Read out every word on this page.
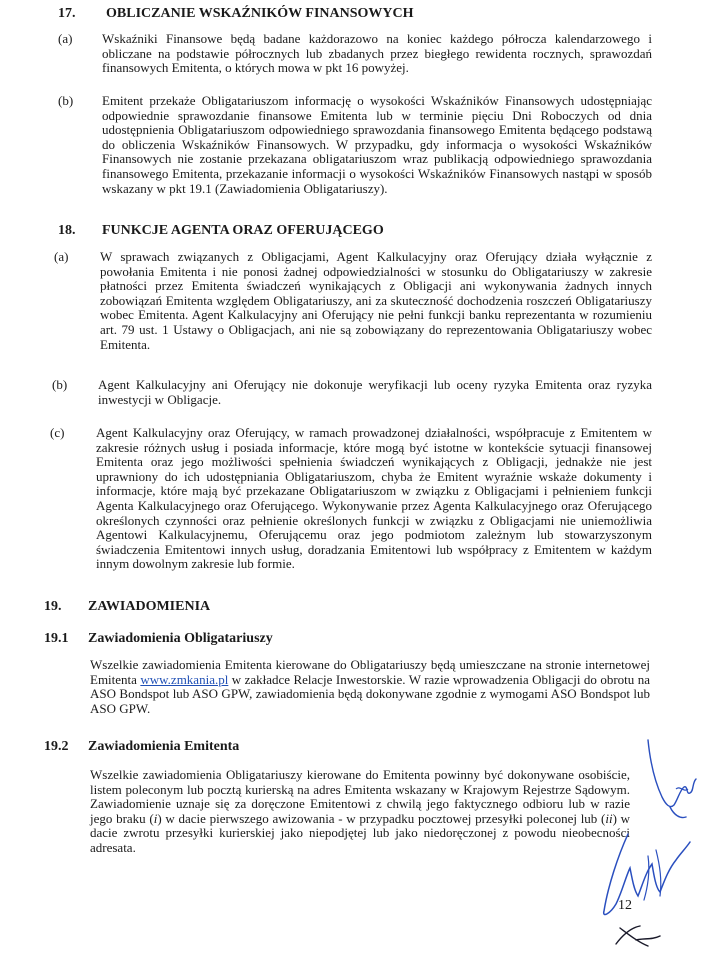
17. OBLICZANIE WSKAŹNIKÓW FINANSOWYCH
(a) Wskaźniki Finansowe będą badane każdorazowo na koniec każdego półrocza kalendarzowego i obliczane na podstawie półrocznych lub zbadanych przez biegłego rewidenta rocznych, sprawozdań finansowych Emitenta, o których mowa w pkt 16 powyżej.
(b) Emitent przekaże Obligatariuszom informację o wysokości Wskaźników Finansowych udostępniając odpowiednie sprawozdanie finansowe Emitenta lub w terminie pięciu Dni Roboczych od dnia udostępnienia Obligatariuszom odpowiedniego sprawozdania finansowego Emitenta będącego podstawą do obliczenia Wskaźników Finansowych. W przypadku, gdy informacja o wysokości Wskaźników Finansowych nie zostanie przekazana obligatariuszom wraz publikacją odpowiedniego sprawozdania finansowego Emitenta, przekazanie informacji o wysokości Wskaźników Finansowych nastąpi w sposób wskazany w pkt 19.1 (Zawiadomienia Obligatariuszy).
18. FUNKCJE AGENTA ORAZ OFERUJĄCEGO
(a) W sprawach związanych z Obligacjami, Agent Kalkulacyjny oraz Oferujący działa wyłącznie z powołania Emitenta i nie ponosi żadnej odpowiedzialności w stosunku do Obligatariuszy w zakresie płatności przez Emitenta świadczeń wynikających z Obligacji ani wykonywania żadnych innych zobowiązań Emitenta względem Obligatariuszy, ani za skuteczność dochodzenia roszczeń Obligatariuszy wobec Emitenta. Agent Kalkulacyjny ani Oferujący nie pełni funkcji banku reprezentanta w rozumieniu art. 79 ust. 1 Ustawy o Obligacjach, ani nie są zobowiązany do reprezentowania Obligatariuszy wobec Emitenta.
(b) Agent Kalkulacyjny ani Oferujący nie dokonuje weryfikacji lub oceny ryzyka Emitenta oraz ryzyka inwestycji w Obligacje.
(c) Agent Kalkulacyjny oraz Oferujący, w ramach prowadzonej działalności, współpracuje z Emitentem w zakresie różnych usług i posiada informacje, które mogą być istotne w kontekście sytuacji finansowej Emitenta oraz jego możliwości spełnienia świadczeń wynikających z Obligacji, jednakże nie jest uprawniony do ich udostępniania Obligatariuszom, chyba że Emitent wyraźnie wskaże dokumenty i informacje, które mają być przekazane Obligatariuszom w związku z Obligacjami i pełnieniem funkcji Agenta Kalkulacyjnego oraz Oferującego. Wykonywanie przez Agenta Kalkulacyjnego oraz Oferującego określonych czynności oraz pełnienie określonych funkcji w związku z Obligacjami nie uniemożliwia Agentowi Kalkulacyjnemu, Oferującemu oraz jego podmiotom zależnym lub stowarzyszonym świadczenia Emitentowi innych usług, doradzania Emitentowi lub współpracy z Emitentem w każdym innym dowolnym zakresie lub formie.
19. ZAWIADOMIENIA
19.1 Zawiadomienia Obligatariuszy
Wszelkie zawiadomienia Emitenta kierowane do Obligatariuszy będą umieszczane na stronie internetowej Emitenta www.zmkania.pl w zakładce Relacje Inwestorskie. W razie wprowadzenia Obligacji do obrotu na ASO Bondspot lub ASO GPW, zawiadomienia będą dokonywane zgodnie z wymogami ASO Bondspot lub ASO GPW.
19.2 Zawiadomienia Emitenta
Wszelkie zawiadomienia Obligatariuszy kierowane do Emitenta powinny być dokonywane osobiście, listem poleconym lub pocztą kurierską na adres Emitenta wskazany w Krajowym Rejestrze Sądowym. Zawiadomienie uznaje się za doręczone Emitentowi z chwilą jego faktycznego odbioru lub w razie jego braku (i) w dacie pierwszego awizowania - w przypadku pocztowej przesyłki poleconej lub (ii) w dacie zwrotu przesyłki kurierskiej jako niepodjętej lub jako niedoręczonej z powodu nieobecności adresata.
12
